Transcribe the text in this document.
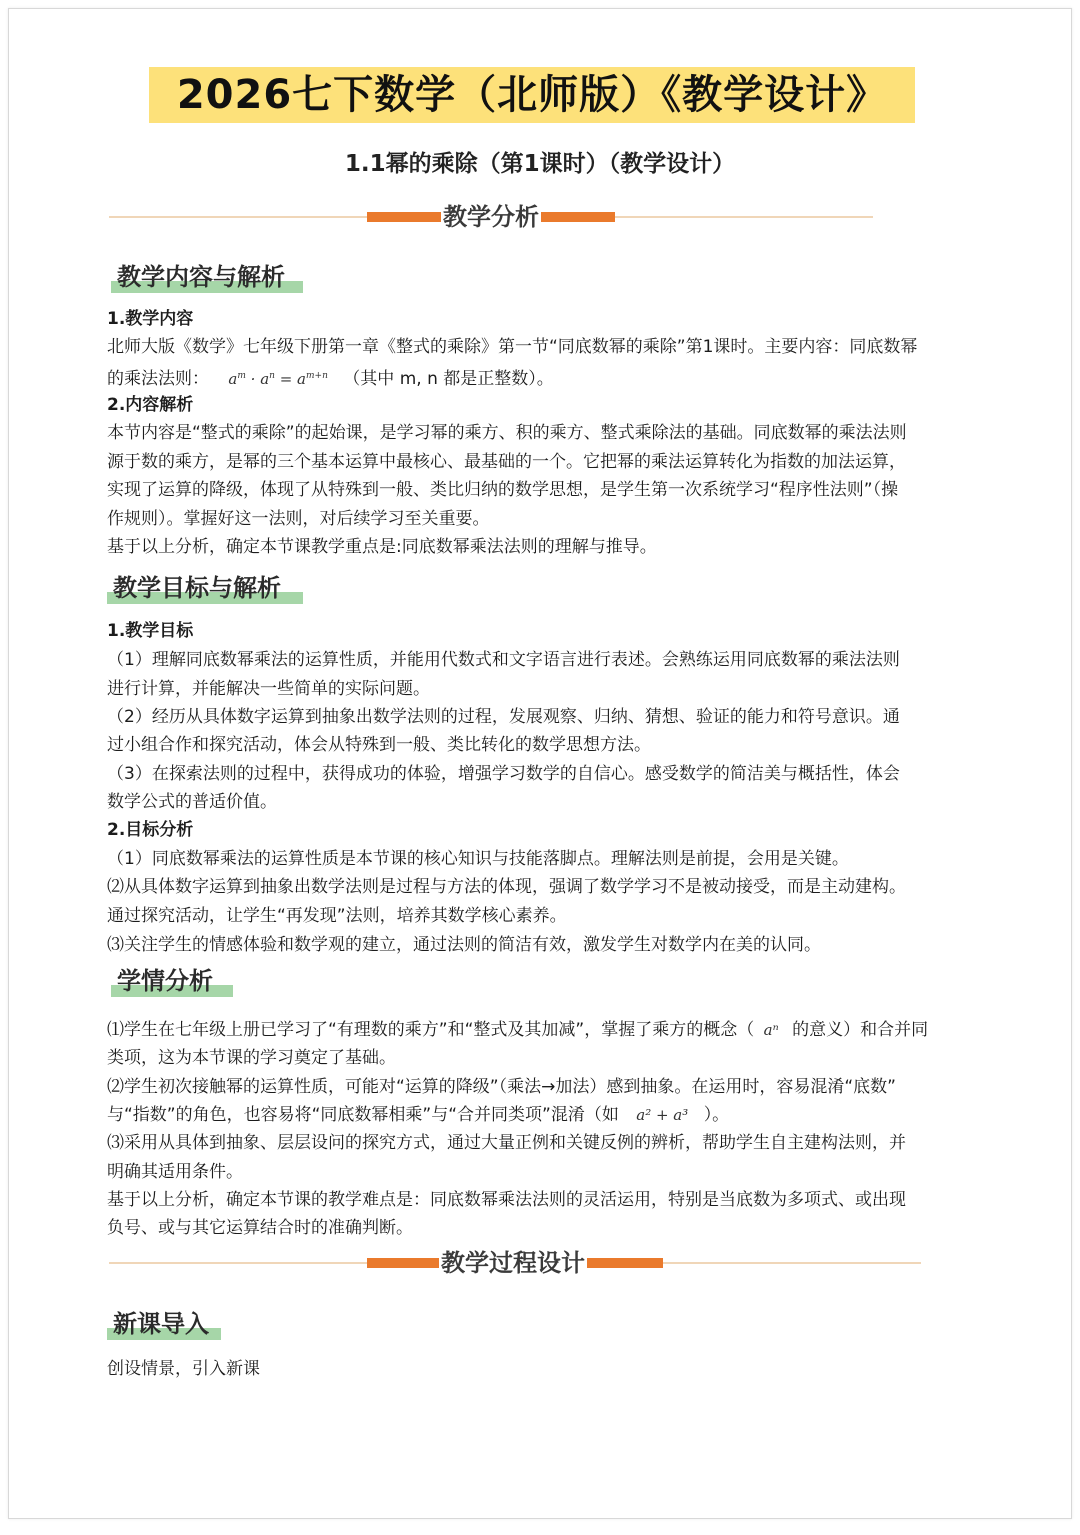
2026七下数学（北师版）《教学设计》
1.1幂的乘除（第1课时）（教学设计）
教学分析
教学内容与解析
1.教学内容
北师大版《数学》七年级下册第一章《整式的乘除》第一节“同底数幂的乘除”第1课时。主要内容：同底数幂
的乘法法则： $a^m \cdot a^n = a^{m+n}$ （其中 m, n 都是正整数）。
2.内容解析
本节内容是“整式的乘除”的起始课，是学习幂的乘方、积的乘方、整式乘除法的基础。同底数幂的乘法法则
源于数的乘方，是幂的三个基本运算中最核心、最基础的一个。它把幂的乘法运算转化为指数的加法运算，
实现了运算的降级，体现了从特殊到一般、类比归纳的数学思想，是学生第一次系统学习“程序性法则”（操
作规则）。掌握好这一法则，对后续学习至关重要。
基于以上分析，确定本节课教学重点是:同底数幂乘法法则的理解与推导。
教学目标与解析
1.教学目标
（1）理解同底数幂乘法的运算性质，并能用代数式和文字语言进行表述。会熟练运用同底数幂的乘法法则
进行计算，并能解决一些简单的实际问题。
（2）经历从具体数字运算到抽象出数学法则的过程，发展观察、归纳、猜想、验证的能力和符号意识。通
过小组合作和探究活动，体会从特殊到一般、类比转化的数学思想方法。
（3）在探索法则的过程中，获得成功的体验，增强学习数学的自信心。感受数学的简洁美与概括性，体会
数学公式的普适价值。
2.目标分析
（1）同底数幂乘法的运算性质是本节课的核心知识与技能落脚点。理解法则是前提，会用是关键。
⑵从具体数字运算到抽象出数学法则是过程与方法的体现，强调了数学学习不是被动接受，而是主动建构。
通过探究活动，让学生“再发现”法则，培养其数学核心素养。
⑶关注学生的情感体验和数学观的建立，通过法则的简洁有效，激发学生对数学内在美的认同。
学情分析
⑴学生在七年级上册已学习了“有理数的乘方”和“整式及其加减”，掌握了乘方的概念（ aⁿ 的意义）和合并同
类项，这为本节课的学习奠定了基础。
⑵学生初次接触幂的运算性质，可能对“运算的降级”（乘法→加法）感到抽象。在运用时，容易混淆“底数”
与“指数”的角色，也容易将“同底数幂相乘”与“合并同类项”混淆（如 a² + a³ ）。
⑶采用从具体到抽象、层层设问的探究方式，通过大量正例和关键反例的辨析，帮助学生自主建构法则，并
明确其适用条件。
基于以上分析，确定本节课的教学难点是：同底数幂乘法法则的灵活运用，特别是当底数为多项式、或出现
负号、或与其它运算结合时的准确判断。
教学过程设计
新课导入
创设情景，引入新课
